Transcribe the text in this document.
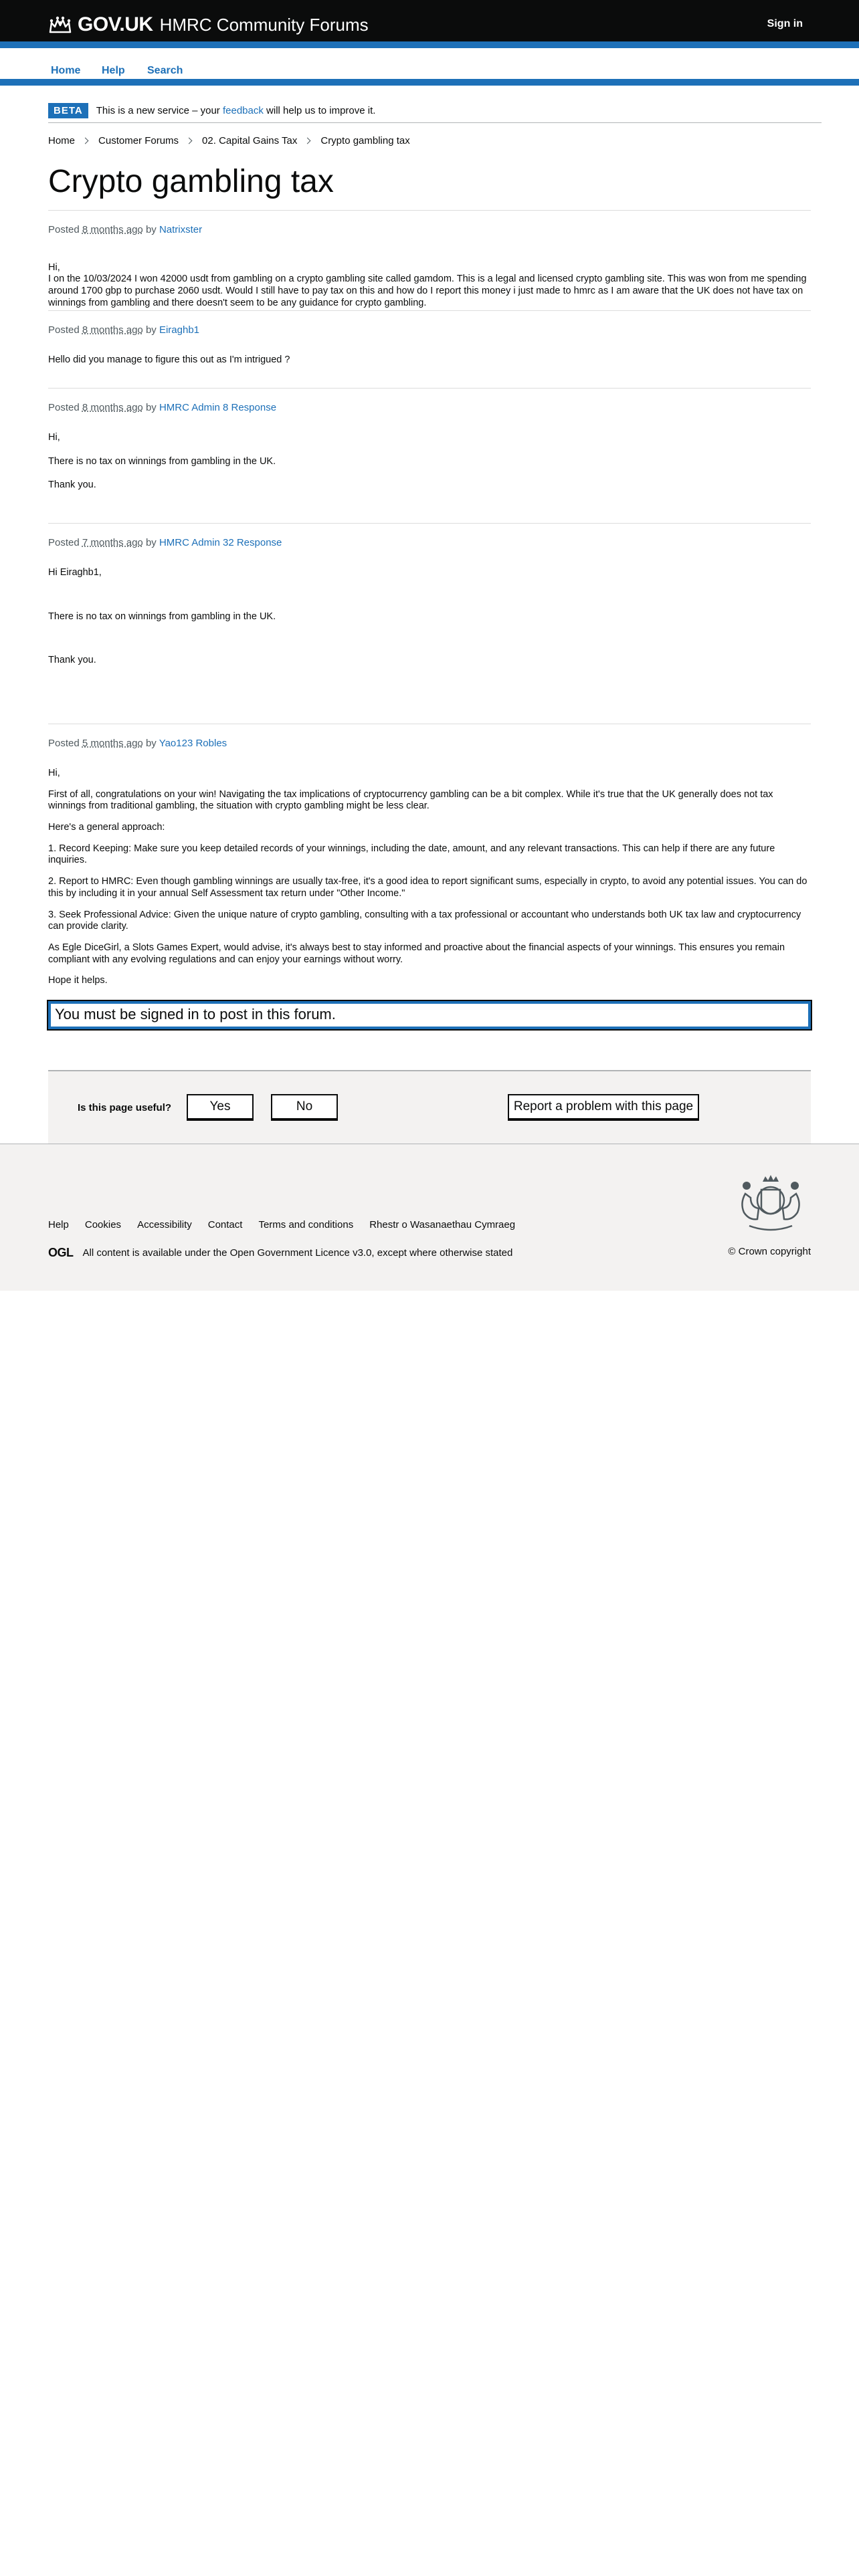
GOV.UK HMRC Community Forums	Sign in
Home Help Search
BETA	This is a new service – your feedback will help us to improve it.
Home Customer Forums 02. Capital Gains Tax Crypto gambling tax
Crypto gambling tax
Posted 8 months ago by Natrixster

Hi,
I on the 10/03/2024 I won 42000 usdt from gambling on a crypto gambling site called gamdom. This is a legal and licensed crypto gambling site. This was won from me spending around 1700 gbp to purchase 2060 usdt. Would I still have to pay tax on this and how do I report this money i just made to hmrc as I am aware that the UK does not have tax on winnings from gambling and there doesn't seem to be any guidance for crypto gambling.

Posted 8 months ago by Eiraghb1

Hello did you manage to figure this out as I'm intrigued ?

Posted 8 months ago by HMRC Admin 8 Response

Hi,

There is no tax on winnings from gambling in the UK.

Thank you.

Posted 7 months ago by HMRC Admin 32 Response

Hi Eiraghb1,

There is no tax on winnings from gambling in the UK.

Thank you.

Posted 5 months ago by Yao123 Robles

Hi,

First of all, congratulations on your win! Navigating the tax implications of cryptocurrency gambling can be a bit complex. While it's true that the UK generally does not tax winnings from traditional gambling, the situation with crypto gambling might be less clear.

Here's a general approach:

1. Record Keeping: Make sure you keep detailed records of your winnings, including the date, amount, and any relevant transactions. This can help if there are any future inquiries.

2. Report to HMRC: Even though gambling winnings are usually tax-free, it's a good idea to report significant sums, especially in crypto, to avoid any potential issues. You can do this by including it in your annual Self Assessment tax return under "Other Income."

3. Seek Professional Advice: Given the unique nature of crypto gambling, consulting with a tax professional or accountant who understands both UK tax law and cryptocurrency can provide clarity.

As Egle DiceGirl, a Slots Games Expert, would advise, it's always best to stay informed and proactive about the financial aspects of your winnings. This ensures you remain compliant with any evolving regulations and can enjoy your earnings without worry.

Hope it helps.

You must be signed in to post in this forum.
Is this page useful?	Yes	No	Report a problem with this page
Help Cookies Accessibility Contact Terms and conditions Rhestr o Wasanaethau Cymraeg
OGL All content is available under the Open Government Licence v3.0, except where otherwise stated	© Crown copyright
